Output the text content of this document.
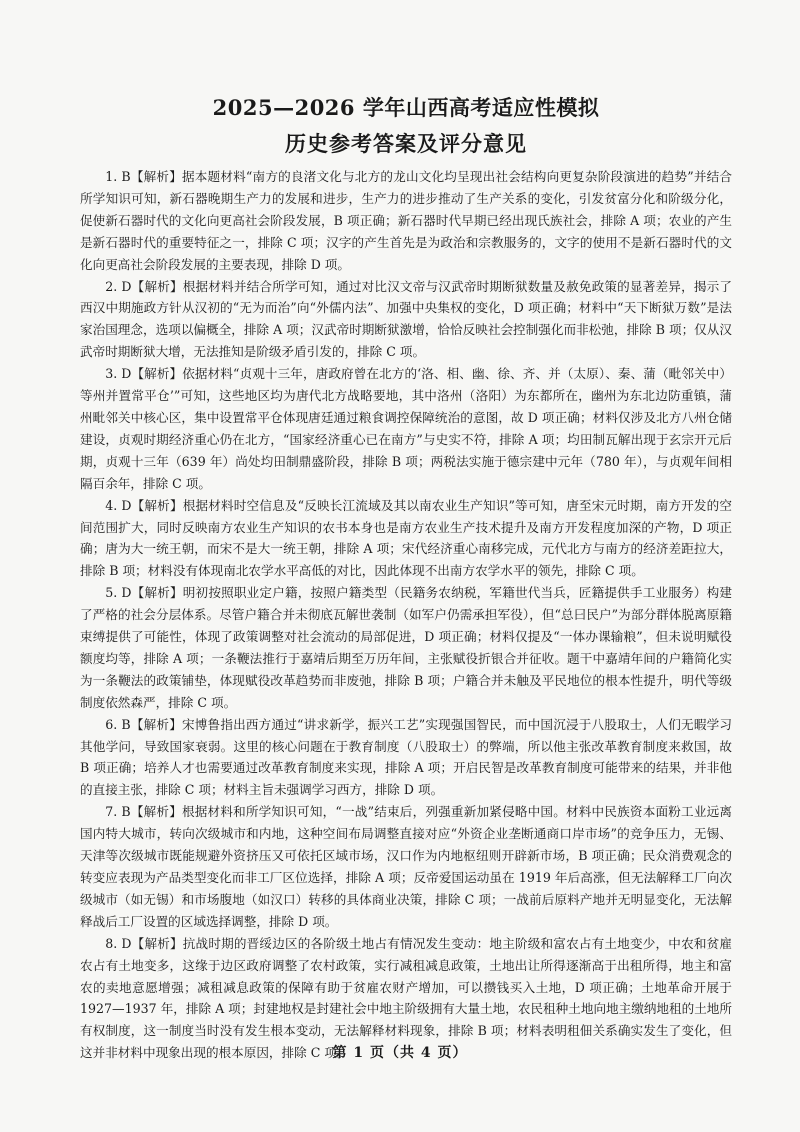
2025—2026 学年山西高考适应性模拟
历史参考答案及评分意见

1. B【解析】据本题材料“南方的良渚文化与北方的龙山文化均呈现出社会结构向更复杂阶段演进的趋势”并结合所学知识可知，新石器晚期生产力的发展和进步，生产力的进步推动了生产关系的变化，引发贫富分化和阶级分化，促使新石器时代的文化向更高社会阶段发展，B 项正确；新石器时代早期已经出现氏族社会，排除 A 项；农业的产生是新石器时代的重要特征之一，排除 C 项；汉字的产生首先是为政治和宗教服务的，文字的使用不是新石器时代的文化向更高社会阶段发展的主要表现，排除 D 项。

2. D【解析】根据材料并结合所学可知，通过对比汉文帝与汉武帝时期断狱数量及赦免政策的显著差异，揭示了西汉中期施政方针从汉初的“无为而治”向“外儒内法”、加强中央集权的变化，D 项正确；材料中“天下断狱万数”是法家治国理念，选项以偏概全，排除 A 项；汉武帝时期断狱激增，恰恰反映社会控制强化而非松弛，排除 B 项；仅从汉武帝时期断狱大增，无法推知是阶级矛盾引发的，排除 C 项。

3. D【解析】依据材料“贞观十三年，唐政府曾在北方的‘洛、相、幽、徐、齐、并（太原）、秦、蒲（毗邻关中）等州并置常平仓’”可知，这些地区均为唐代北方战略要地，其中洛州（洛阳）为东都所在，幽州为东北边防重镇，蒲州毗邻关中核心区，集中设置常平仓体现唐廷通过粮食调控保障统治的意图，故 D 项正确；材料仅涉及北方八州仓储建设，贞观时期经济重心仍在北方，“国家经济重心已在南方”与史实不符，排除 A 项；均田制瓦解出现于玄宗开元后期，贞观十三年（639 年）尚处均田制鼎盛阶段，排除 B 项；两税法实施于德宗建中元年（780 年），与贞观年间相隔百余年，排除 C 项。

4. D【解析】根据材料时空信息及“反映长江流域及其以南农业生产知识”等可知，唐至宋元时期，南方开发的空间范围扩大，同时反映南方农业生产知识的农书本身也是南方农业生产技术提升及南方开发程度加深的产物，D 项正确；唐为大一统王朝，而宋不是大一统王朝，排除 A 项；宋代经济重心南移完成，元代北方与南方的经济差距拉大，排除 B 项；材料没有体现南北农学水平高低的对比，因此体现不出南方农学水平的领先，排除 C 项。

5. D【解析】明初按照职业定户籍，按照户籍类型（民籍务农纳税，军籍世代当兵，匠籍提供手工业服务）构建了严格的社会分层体系。尽管户籍合并未彻底瓦解世袭制（如军户仍需承担军役），但“总曰民户”为部分群体脱离原籍束缚提供了可能性，体现了政策调整对社会流动的局部促进，D 项正确；材料仅提及“一体办课输粮”，但未说明赋役额度均等，排除 A 项；一条鞭法推行于嘉靖后期至万历年间，主张赋役折银合并征收。题干中嘉靖年间的户籍简化实为一条鞭法的政策铺垫，体现赋役改革趋势而非废弛，排除 B 项；户籍合并未触及平民地位的根本性提升，明代等级制度依然森严，排除 C 项。

6. B【解析】宋博鲁指出西方通过“讲求新学，振兴工艺”实现强国智民，而中国沉浸于八股取士，人们无暇学习其他学问，导致国家衰弱。这里的核心问题在于教育制度（八股取士）的弊端，所以他主张改革教育制度来救国，故 B 项正确；培养人才也需要通过改革教育制度来实现，排除 A 项；开启民智是改革教育制度可能带来的结果，并非他的直接主张，排除 C 项；材料主旨未强调学习西方，排除 D 项。

7. B【解析】根据材料和所学知识可知，“一战”结束后，列强重新加紧侵略中国。材料中民族资本面粉工业远离国内特大城市，转向次级城市和内地，这种空间布局调整直接对应“外资企业垄断通商口岸市场”的竞争压力，无锡、天津等次级城市既能规避外资挤压又可依托区域市场，汉口作为内地枢纽则开辟新市场，B 项正确；民众消费观念的转变应表现为产品类型变化而非工厂区位选择，排除 A 项；反帝爱国运动虽在 1919 年后高涨，但无法解释工厂向次级城市（如无锡）和市场腹地（如汉口）转移的具体商业决策，排除 C 项；一战前后原料产地并无明显变化，无法解释战后工厂设置的区域选择调整，排除 D 项。

8. D【解析】抗战时期的晋绥边区的各阶级土地占有情况发生变动：地主阶级和富农占有土地变少，中农和贫雇农占有土地变多，这缘于边区政府调整了农村政策，实行减租减息政策，土地出让所得逐渐高于出租所得，地主和富农的卖地意愿增强；减租减息政策的保障有助于贫雇农财产增加，可以攒钱买入土地，D 项正确；土地革命开展于 1927—1937 年，排除 A 项；封建地权是封建社会中地主阶级拥有大量土地，农民租种土地向地主缴纳地租的土地所有权制度，这一制度当时没有发生根本变动，无法解释材料现象，排除 B 项；材料表明租佃关系确实发生了变化，但这并非材料中现象出现的根本原因，排除 C 项。

第 1 页（共 4 页）
